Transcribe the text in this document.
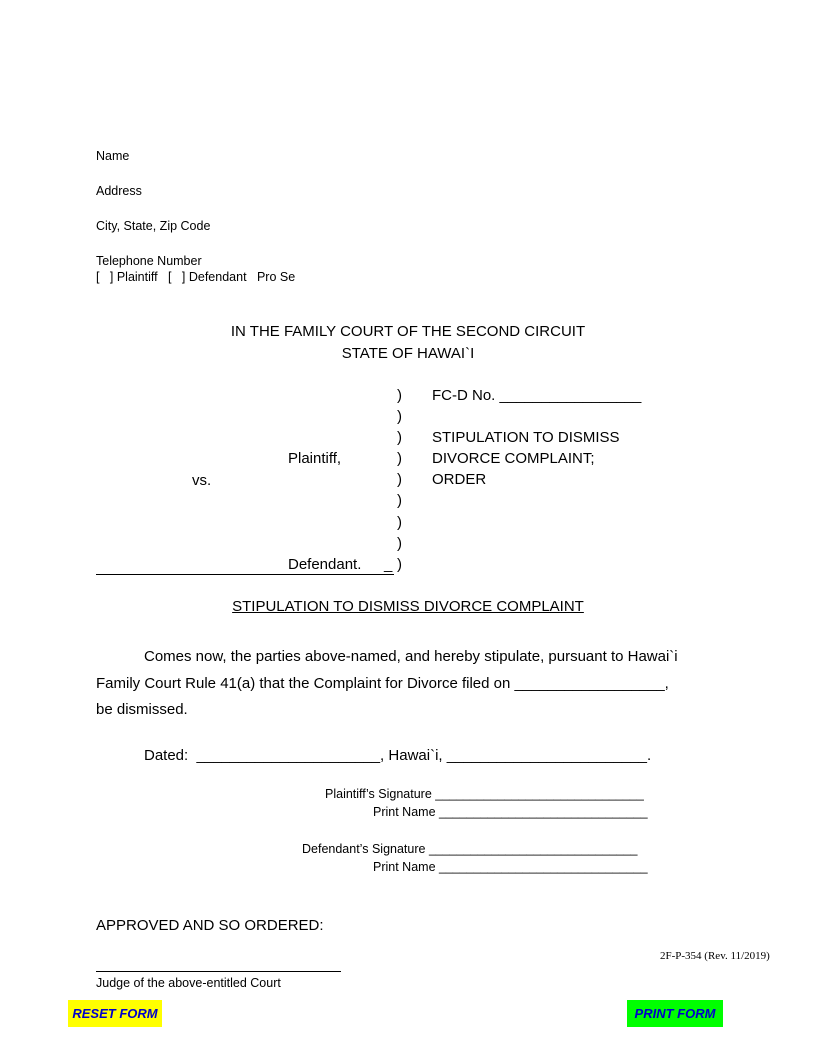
Name
Address
City, State, Zip Code
Telephone Number
[   ] Plaintiff   [   ] Defendant   Pro Se
IN THE FAMILY COURT OF THE SECOND CIRCUIT
STATE OF HAWAI`I
)
)
)
)
)
)
)
)
)
FC-D No. _________________
STIPULATION TO DISMISS
DIVORCE COMPLAINT;
ORDER
Plaintiff,
vs.
Defendant. _
STIPULATION TO DISMISS DIVORCE COMPLAINT
Comes now, the parties above-named, and hereby stipulate, pursuant to Hawai`i
Family Court Rule 41(a) that the Complaint for Divorce filed on __________________,
be dismissed.
Dated:  ______________________, Hawai`i, ________________________.
Plaintiff’s Signature ______________________________
Print Name ______________________________
Defendant’s Signature ______________________________
Print Name ______________________________
APPROVED AND SO ORDERED:
2F-P-354 (Rev. 11/2019)
Judge of the above-entitled Court
RESET FORM	PRINT FORM
